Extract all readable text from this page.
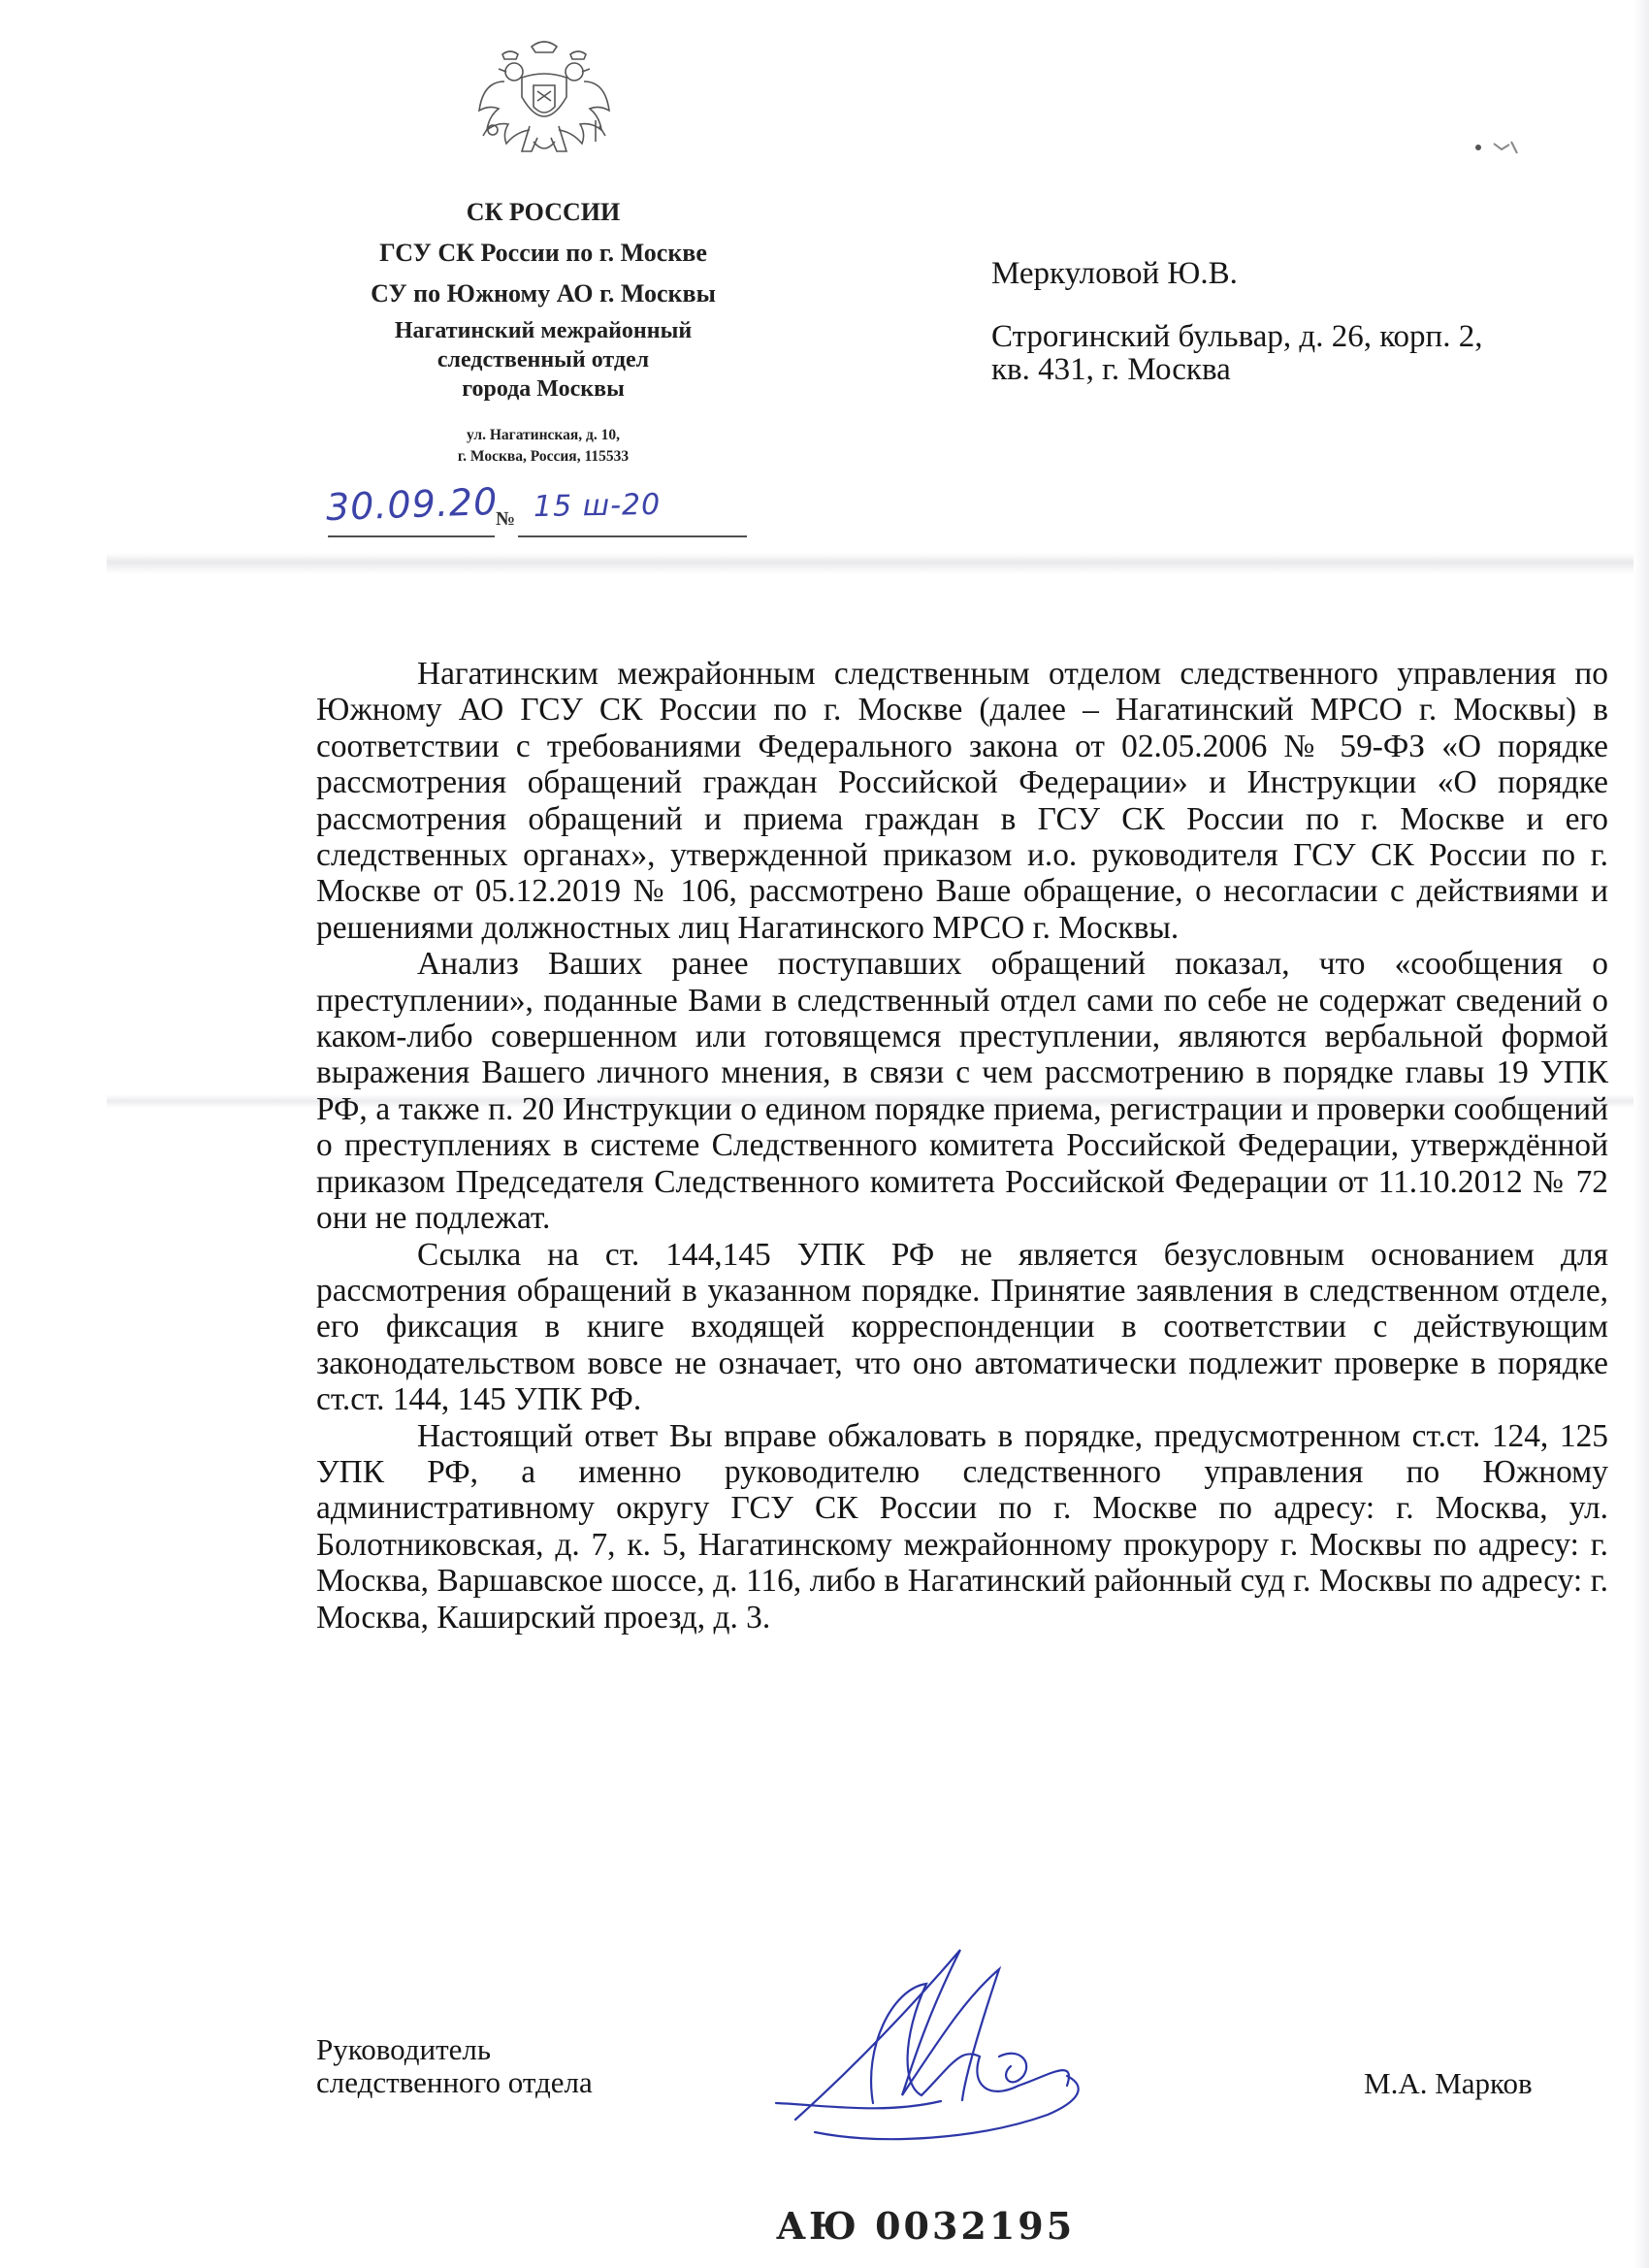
СК РОССИИ
ГСУ СК России по г. Москве
СУ по Южному АО г. Москвы
Нагатинский межрайонный
следственный отдел
города Москвы
ул. Нагатинская, д. 10,
г. Москва, Россия, 115533
№
30.09.20 15 ш-20
Меркуловой Ю.В.
Строгинский бульвар, д. 26, корп. 2,
кв. 431, г. Москва

Нагатинским межрайонным следственным отделом следственного управления по Южному АО ГСУ СК России по г. Москве (далее – Нагатинский МРСО г. Москвы) в соответствии с требованиями Федерального закона от 02.05.2006 № 59-ФЗ «О порядке рассмотрения обращений граждан Российской Федерации» и Инструкции «О порядке рассмотрения обращений и приема граждан в ГСУ СК России по г. Москве и его следственных органах», утвержденной приказом и.о. руководителя ГСУ СК России по г. Москве от 05.12.2019 № 106, рассмотрено Ваше обращение, о несогласии с действиями и решениями должностных лиц Нагатинского МРСО г. Москвы.

Анализ Ваших ранее поступавших обращений показал, что «сообщения о преступлении», поданные Вами в следственный отдел сами по себе не содержат сведений о каком-либо совершенном или готовящемся преступлении, являются вербальной формой выражения Вашего личного мнения, в связи с чем рассмотрению в порядке главы 19 УПК РФ, а также п. 20 Инструкции о едином порядке приема, регистрации и проверки сообщений о преступлениях в системе Следственного комитета Российской Федерации, утверждённой приказом Председателя Следственного комитета Российской Федерации от 11.10.2012 № 72 они не подлежат.

Ссылка на ст. 144,145 УПК РФ не является безусловным основанием для рассмотрения обращений в указанном порядке. Принятие заявления в следственном отделе, его фиксация в книге входящей корреспонденции в соответствии с действующим законодательством вовсе не означает, что оно автоматически подлежит проверке в порядке ст.ст. 144, 145 УПК РФ.

Настоящий ответ Вы вправе обжаловать в порядке, предусмотренном ст.ст. 124, 125 УПК РФ, а именно руководителю следственного управления по Южному административному округу ГСУ СК России по г. Москве по адресу: г. Москва, ул. Болотниковская, д. 7, к. 5, Нагатинскому межрайонному прокурору г. Москвы по адресу: г. Москва, Варшавское шоссе, д. 116, либо в Нагатинский районный суд г. Москвы по адресу: г. Москва, Каширский проезд, д. 3.

Руководитель
следственного отдела	М.А. Марков
АЮ 0032195
